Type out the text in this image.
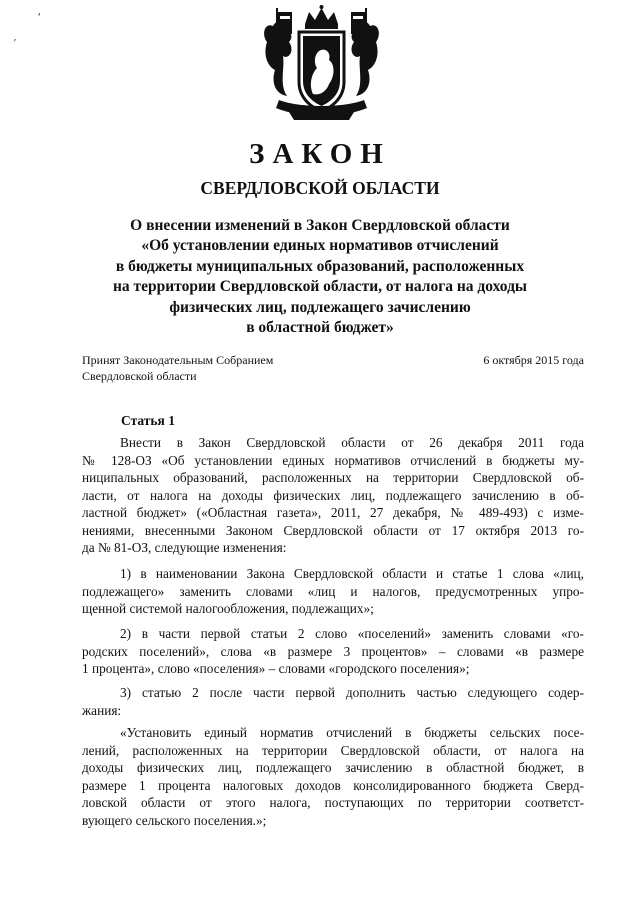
ʹ
ʹ
ЗАКОН
СВЕРДЛОВСКОЙ ОБЛАСТИ
О внесении изменений в Закон Свердловской области
«Об установлении единых нормативов отчислений
в бюджеты муниципальных образований, расположенных
на территории Свердловской области, от налога на доходы
физических лиц, подлежащего зачислению
в областной бюджет»
Принят Законодательным Собранием
Свердловской области
6 октября 2015 года
Статья 1
Внести в Закон Свердловской области от 26 декабря 2011 года
№ 128-ОЗ «Об установлении единых нормативов отчислений в бюджеты му-
ниципальных образований, расположенных на территории Свердловской об-
ласти, от налога на доходы физических лиц, подлежащего зачислению в об-
ластной бюджет» («Областная газета», 2011, 27 декабря, № 489-493) с изме-
нениями, внесенными Законом Свердловской области от 17 октября 2013 го-
да № 81-ОЗ, следующие изменения:
1) в наименовании Закона Свердловской области и статье 1 слова «лиц,
подлежащего» заменить словами «лиц и налогов, предусмотренных упро-
щенной системой налогообложения, подлежащих»;
2) в части первой статьи 2 слово «поселений» заменить словами «го-
родских поселений», слова «в размере 3 процентов» – словами «в размере
1 процента», слово «поселения» – словами «городского поселения»;
3) статью 2 после части первой дополнить частью следующего содер-
жания:
«Установить единый норматив отчислений в бюджеты сельских посе-
лений, расположенных на территории Свердловской области, от налога на
доходы физических лиц, подлежащего зачислению в областной бюджет, в
размере 1 процента налоговых доходов консолидированного бюджета Сверд-
ловской области от этого налога, поступающих по территории соответст-
вующего сельского поселения.»;
